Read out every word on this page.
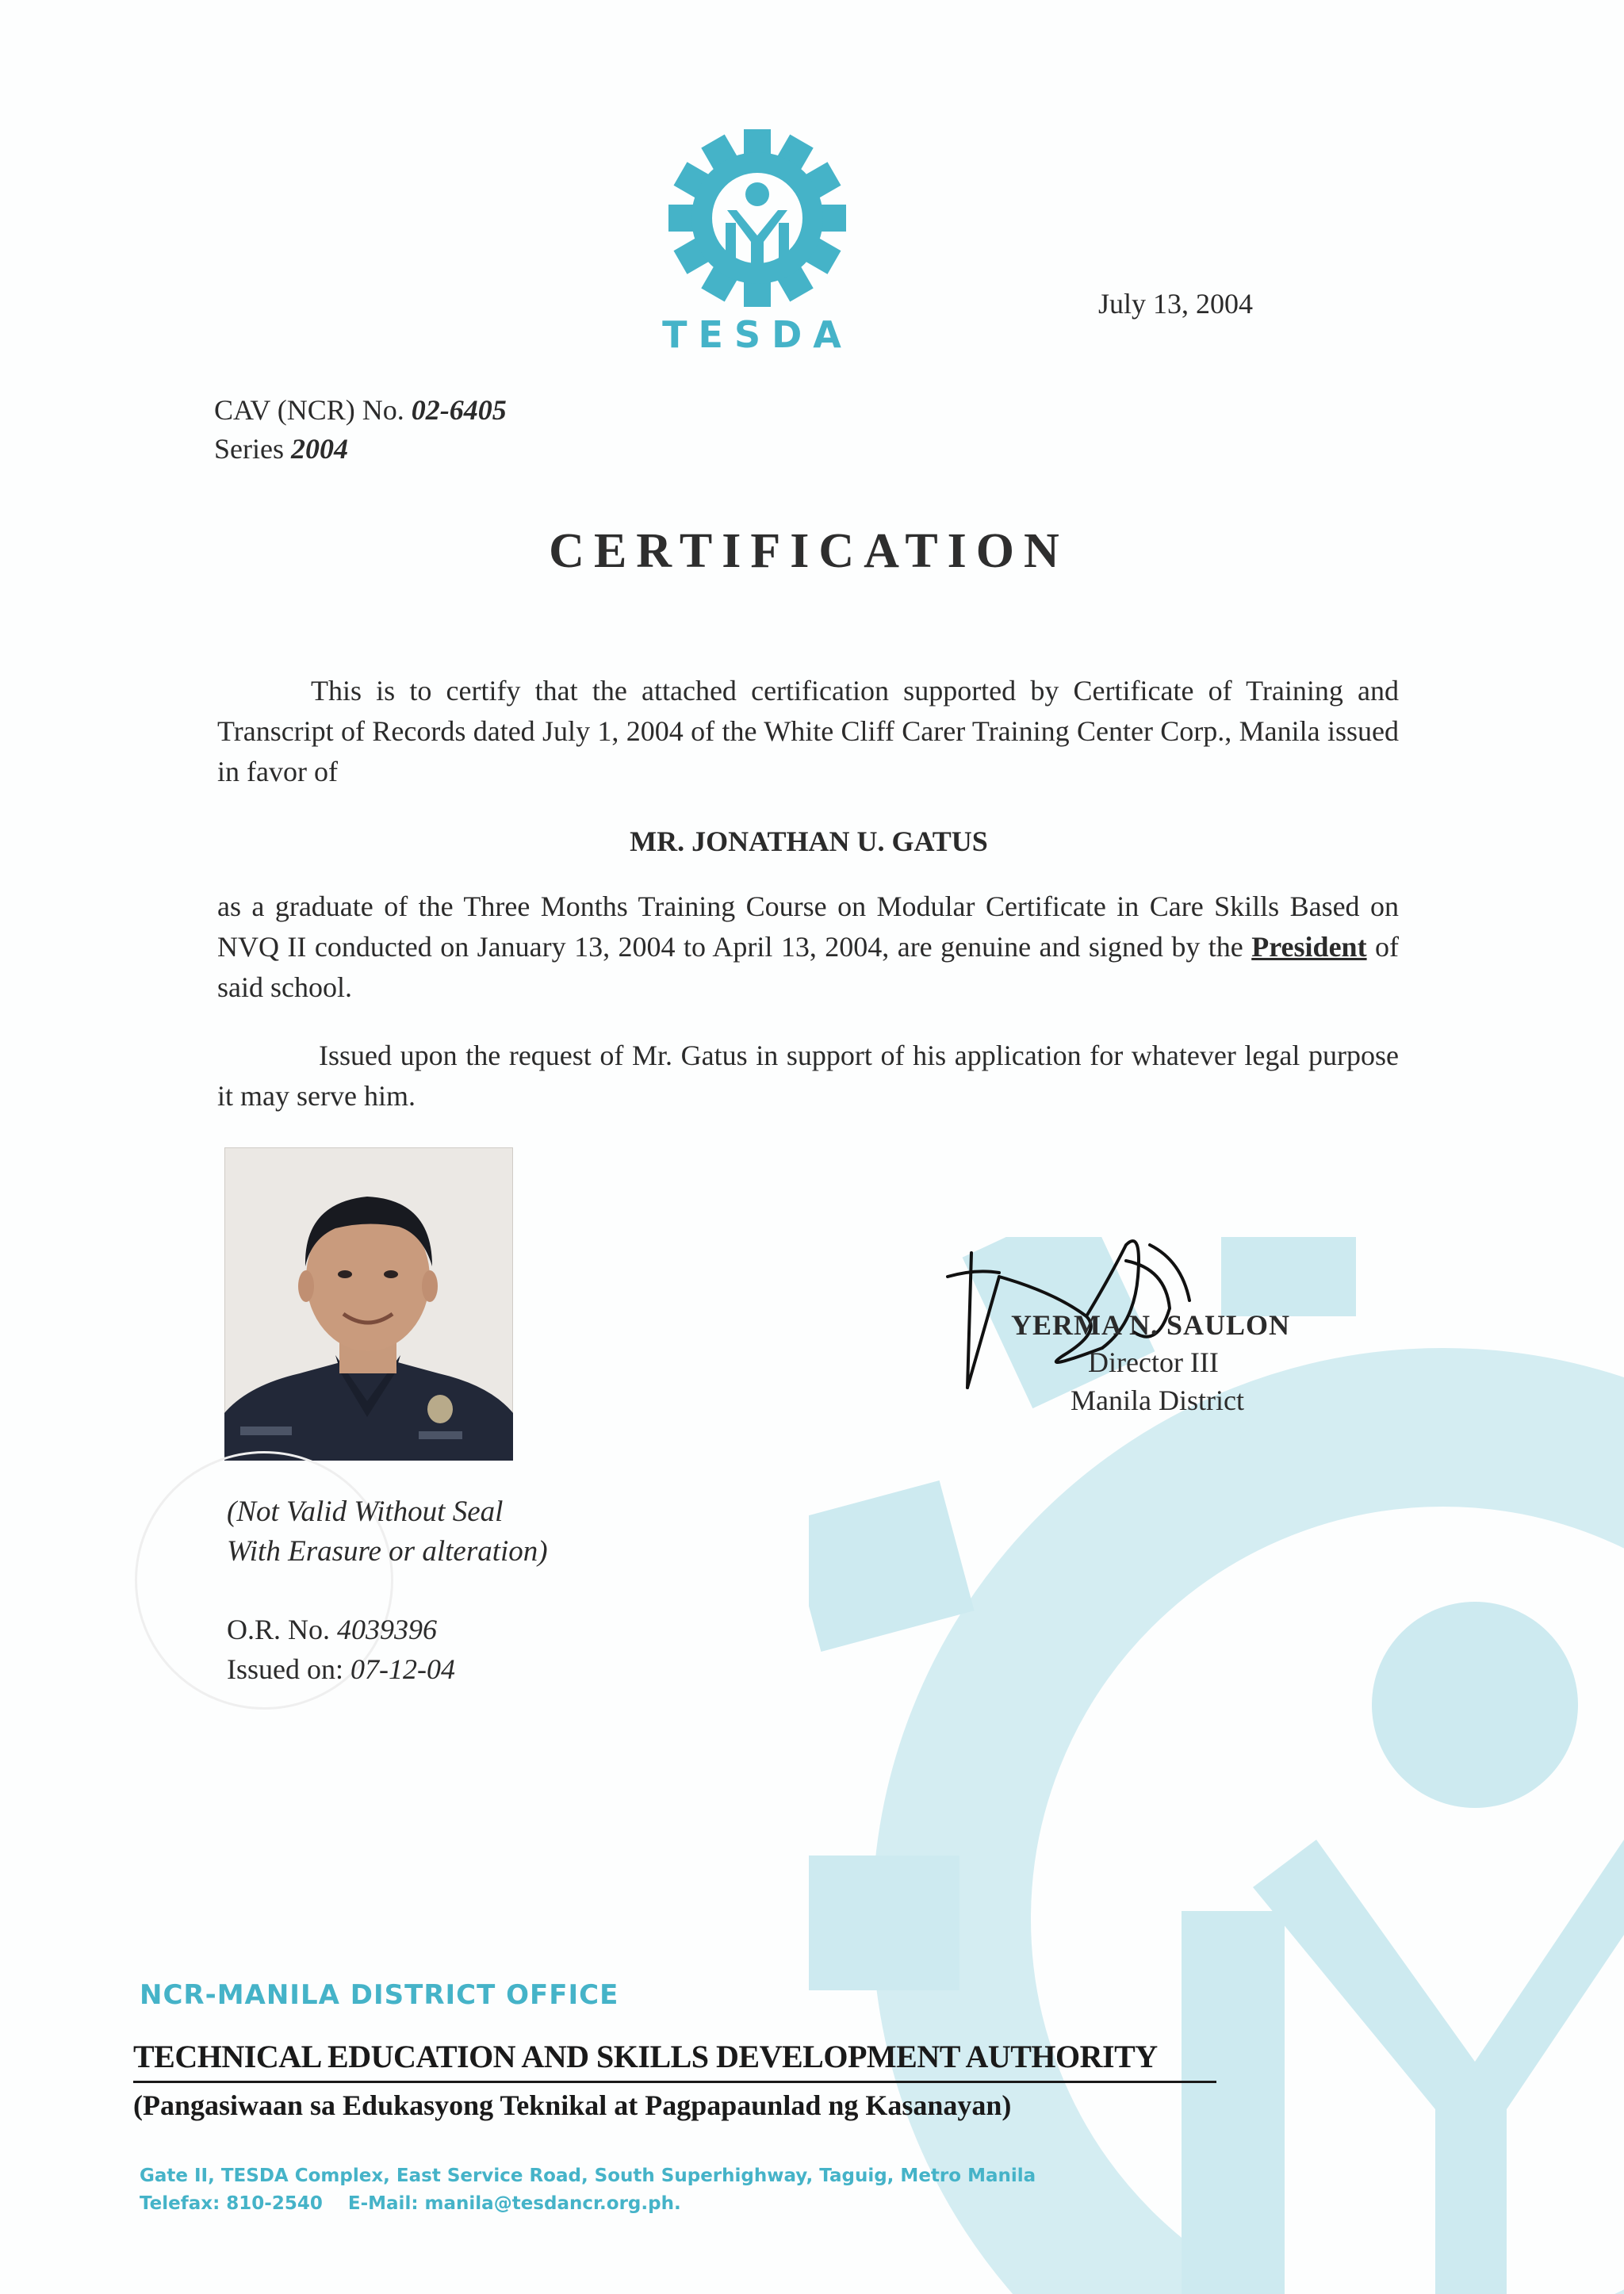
TESDA
July 13, 2004
CAV (NCR) No. 02-6405
Series 2004
CERTIFICATION
This is to certify that the attached certification supported by Certificate of Training and Transcript of Records dated July 1, 2004 of the White Cliff Carer Training Center Corp., Manila issued in favor of
MR. JONATHAN U. GATUS
as a graduate of the Three Months Training Course on Modular Certificate in Care Skills Based on NVQ II conducted on January 13, 2004 to April 13, 2004, are genuine and signed by the President of said school.
Issued upon the request of Mr. Gatus in support of his application for whatever legal purpose it may serve him.
YERMA N. SAULON
Director III
Manila District
(Not Valid Without Seal
With Erasure or alteration)
O.R. No. 4039396
Issued on: 07-12-04
NCR-MANILA DISTRICT OFFICE
TECHNICAL EDUCATION AND SKILLS DEVELOPMENT AUTHORITY
(Pangasiwaan sa Edukasyong Teknikal at Pagpapaunlad ng Kasanayan)
Gate II, TESDA Complex, East Service Road, South Superhighway, Taguig, Metro Manila
Telefax: 810-2540 E-Mail: manila@tesdancr.org.ph.
